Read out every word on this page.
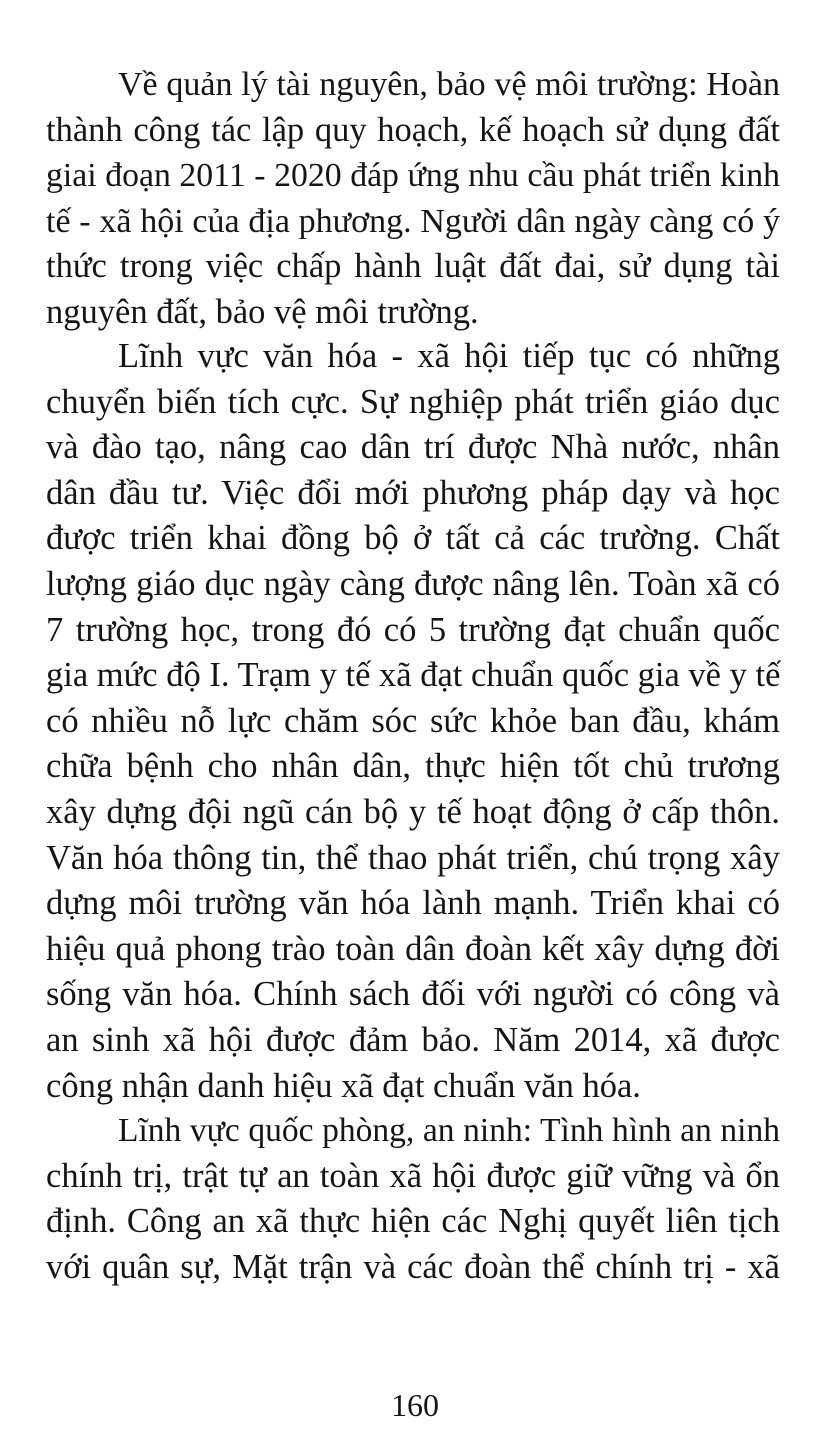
Về quản lý tài nguyên, bảo vệ môi trường: Hoàn
thành công tác lập quy hoạch, kế hoạch sử dụng đất
giai đoạn 2011 - 2020 đáp ứng nhu cầu phát triển kinh
tế - xã hội của địa phương. Người dân ngày càng có ý
thức trong việc chấp hành luật đất đai, sử dụng tài
nguyên đất, bảo vệ môi trường.
Lĩnh vực văn hóa - xã hội tiếp tục có những
chuyển biến tích cực. Sự nghiệp phát triển giáo dục
và đào tạo, nâng cao dân trí được Nhà nước, nhân
dân đầu tư. Việc đổi mới phương pháp dạy và học
được triển khai đồng bộ ở tất cả các trường. Chất
lượng giáo dục ngày càng được nâng lên. Toàn xã có
7 trường học, trong đó có 5 trường đạt chuẩn quốc
gia mức độ I. Trạm y tế xã đạt chuẩn quốc gia về y tế
có nhiều nỗ lực chăm sóc sức khỏe ban đầu, khám
chữa bệnh cho nhân dân, thực hiện tốt chủ trương
xây dựng đội ngũ cán bộ y tế hoạt động ở cấp thôn.
Văn hóa thông tin, thể thao phát triển, chú trọng xây
dựng môi trường văn hóa lành mạnh. Triển khai có
hiệu quả phong trào toàn dân đoàn kết xây dựng đời
sống văn hóa. Chính sách đối với người có công và
an sinh xã hội được đảm bảo. Năm 2014, xã được
công nhận danh hiệu xã đạt chuẩn văn hóa.
Lĩnh vực quốc phòng, an ninh: Tình hình an ninh
chính trị, trật tự an toàn xã hội được giữ vững và ổn
định. Công an xã thực hiện các Nghị quyết liên tịch
với quân sự, Mặt trận và các đoàn thể chính trị - xã
160
